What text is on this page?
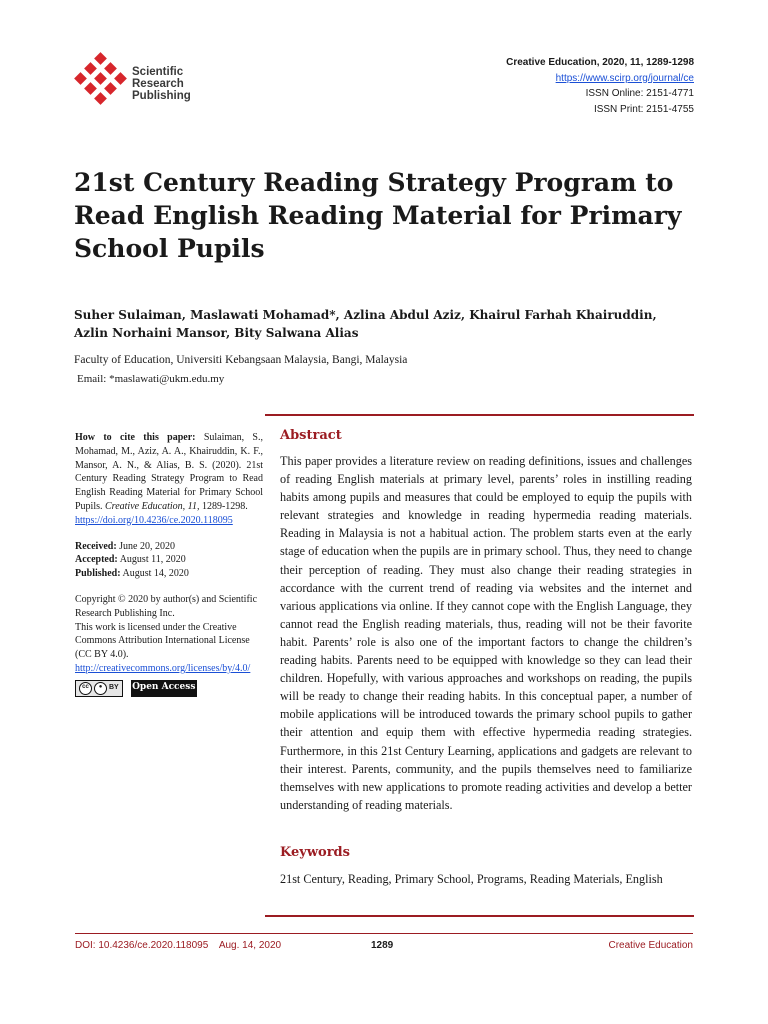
Scientific
Research
Publishing
Creative Education, 2020, 11, 1289-1298
https://www.scirp.org/journal/ce
ISSN Online: 2151-4771
ISSN Print: 2151-4755
21st Century Reading Strategy Program to Read English Reading Material for Primary School Pupils
Suher Sulaiman, Maslawati Mohamad*, Azlina Abdul Aziz, Khairul Farhah Khairuddin,
Azlin Norhaini Mansor, Bity Salwana Alias
Faculty of Education, Universiti Kebangsaan Malaysia, Bangi, Malaysia
Email: *maslawati@ukm.edu.my
How to cite this paper: Sulaiman, S., Mohamad, M., Aziz, A. A., Khairuddin, K. F., Mansor, A. N., & Alias, B. S. (2020). 21st Century Reading Strategy Program to Read English Reading Material for Primary School Pupils. Creative Education, 11, 1289-1298.
https://doi.org/10.4236/ce.2020.118095
Received: June 20, 2020
Accepted: August 11, 2020
Published: August 14, 2020
Copyright © 2020 by author(s) and Scientific Research Publishing Inc.
This work is licensed under the Creative Commons Attribution International License (CC BY 4.0).
http://creativecommons.org/licenses/by/4.0/
cc	● BY Open Access
Abstract

This paper provides a literature review on reading definitions, issues and challenges of reading English materials at primary level, parents’ roles in instilling reading habits among pupils and measures that could be employed to equip the pupils with relevant strategies and knowledge in reading hypermedia reading materials. Reading in Malaysia is not a habitual action. The problem starts even at the early stage of education when the pupils are in primary school. Thus, they need to change their perception of reading. They must also change their reading strategies in accordance with the current trend of reading via websites and the internet and various applications via online. If they cannot cope with the English Language, they cannot read the English reading materials, thus, reading will not be their favorite habit. Parents’ role is also one of the important factors to change the children’s reading habits. Parents need to be equipped with knowledge so they can lead their children. Hopefully, with various approaches and workshops on reading, the pupils will be ready to change their reading habits. In this conceptual paper, a number of mobile applications will be introduced towards the primary school pupils to gather their attention and equip them with effective hypermedia reading strategies. Furthermore, in this 21st Century Learning, applications and gadgets are relevant to their interest. Parents, community, and the pupils themselves need to familiarize themselves with new applications to promote reading activities and develop a better understanding of reading materials.

Keywords
21st Century, Reading, Primary School, Programs, Reading Materials, English
DOI: 10.4236/ce.2020.118095    Aug. 14, 2020	1289	Creative Education
